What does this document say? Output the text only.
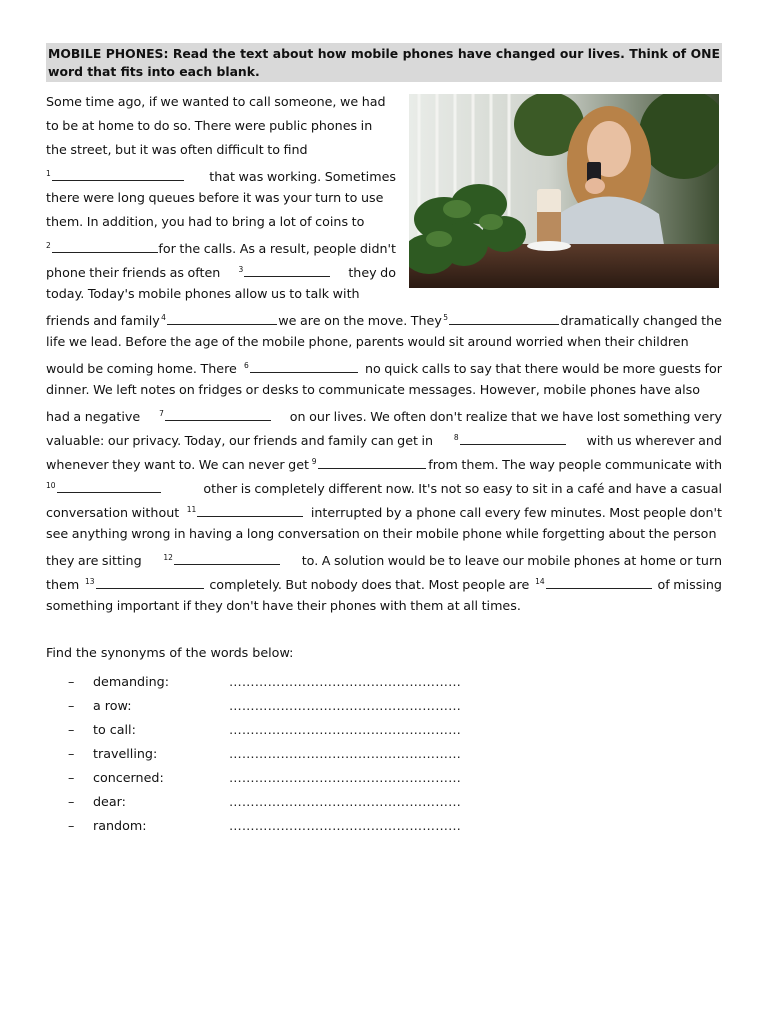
MOBILE PHONES: Read the text about how mobile phones have changed our lives. Think of ONE word that fits into each blank.
Some time ago, if we wanted to call someone, we had
to be at home to do so. There were public phones in
the street, but it was often difficult to find
$^1$	that was working. Sometimes
there were long queues before it was your turn to use
them. In addition, you had to bring a lot of coins to
$^2$	for the calls. As a result, people didn't
phone their friends as often $^3$	they do
today. Today's mobile phones allow us to talk with
friends and family $^4$	we are on the move. They $^5$	dramatically changed the
life we lead. Before the age of the mobile phone, parents would sit around worried when their children
would be coming home. There $^6$	no quick calls to say that there would be more guests for
dinner. We left notes on fridges or desks to communicate messages. However, mobile phones have also
had a negative	$^7$	on our lives. We often don't realize that we have lost something very
valuable: our privacy. Today, our friends and family can get in	$^8$	with us wherever and
whenever they want to. We can never get $^9$	from them. The way people communicate with
$^{10}$	other is completely different now. It's not so easy to sit in a café and have a casual
conversation without $^{11}$	interrupted by a phone call every few minutes. Most people don't
see anything wrong in having a long conversation on their mobile phone while forgetting about the person
they are sitting	$^{12}$	to. A solution would be to leave our mobile phones at home or turn
them $^{13}$	completely. But nobody does that. Most people are $^{14}$	of missing
something important if they don't have their phones with them at all times.
Find the synonyms of the words below:
–	demanding:	………………………………………………
–	a row:	………………………………………………
–	to call:	………………………………………………
–	travelling:	………………………………………………
–	concerned:	………………………………………………
–	dear:	………………………………………………
–	random:	………………………………………………
